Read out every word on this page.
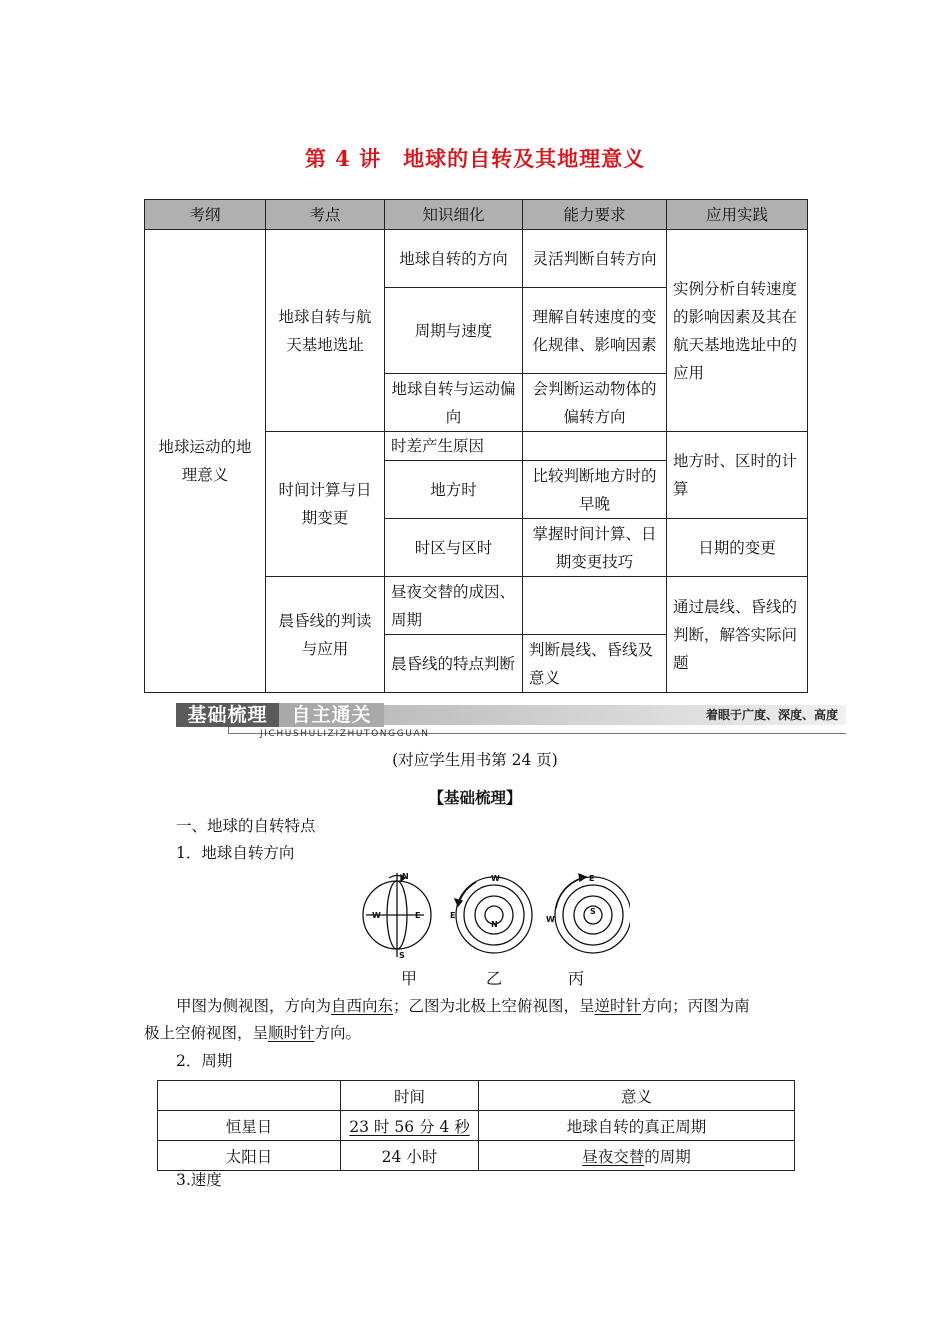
第 4 讲　地球的自转及其地理意义
考纲	考点	知识细化	能力要求	应用实践
地球运动的地理意义	地球自转与航天基地选址	地球自转的方向	灵活判断自转方向	实例分析自转速度的影响因素及其在航天基地选址中的应用
		周期与速度	理解自转速度的变化规律、影响因素	
		地球自转与运动偏向	会判断运动物体的偏转方向	
	时间计算与日期变更	时差产生原因		地方时、区时的计算
		地方时	比较判断地方时的早晚	
		时区与区时	掌握时间计算、日期变更技巧	日期的变更
	晨昏线的判读与应用	昼夜交替的成因、周期		通过晨线、昏线的判断，解答实际问题
		晨昏线的特点判断	判断晨线、昏线及意义	
基础梳理	自主通关	着眼于广度、深度、高度
JICHUSHULIZIZHUTONGGUAN
(对应学生用书第 24 页)
【基础梳理】
一、地球的自转特点
1．地球自转方向
N
E
W
S
W
E
N
E
W
S
甲	乙	丙
甲图为侧视图，方向为自西向东；乙图为北极上空俯视图，呈逆时针方向；丙图为南
极上空俯视图，呈顺时针方向。
2．周期
	时间	意义
恒星日	23 时 56 分 4 秒	地球自转的真正周期
太阳日	24 小时	昼夜交替的周期
3.速度
